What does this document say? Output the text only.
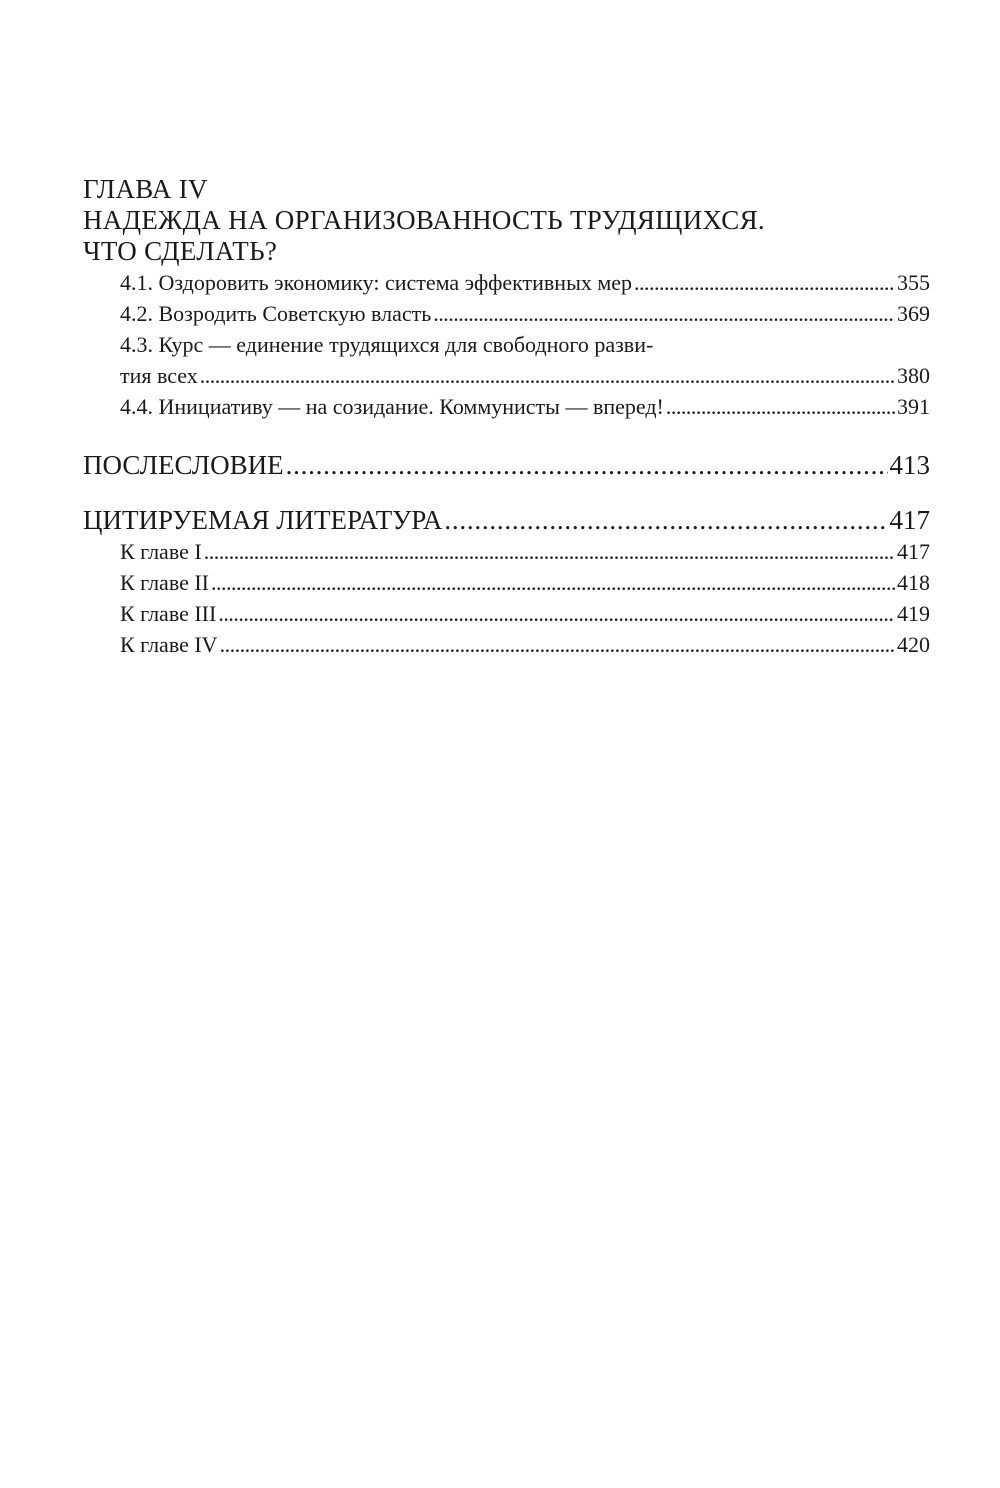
ГЛАВА IV
НАДЕЖДА НА ОРГАНИЗОВАННОСТЬ ТРУДЯЩИХСЯ.
ЧТО СДЕЛАТЬ?
4.1. Оздоровить экономику: система эффективных мер . . .	355
4.2. Возродить Советскую власть . . .	369
4.3. Курс — единение трудящихся для свободного разви-
тия всех . . .	380
4.4. Инициативу — на созидание. Коммунисты — вперед! . . .	391
ПОСЛЕСЛОВИЕ . . .	413
ЦИТИРУЕМАЯ ЛИТЕРАТУРА . . .	417
К главе I . . .	417
К главе II . . .	418
К главе III . . .	419
К главе IV . . .	420
